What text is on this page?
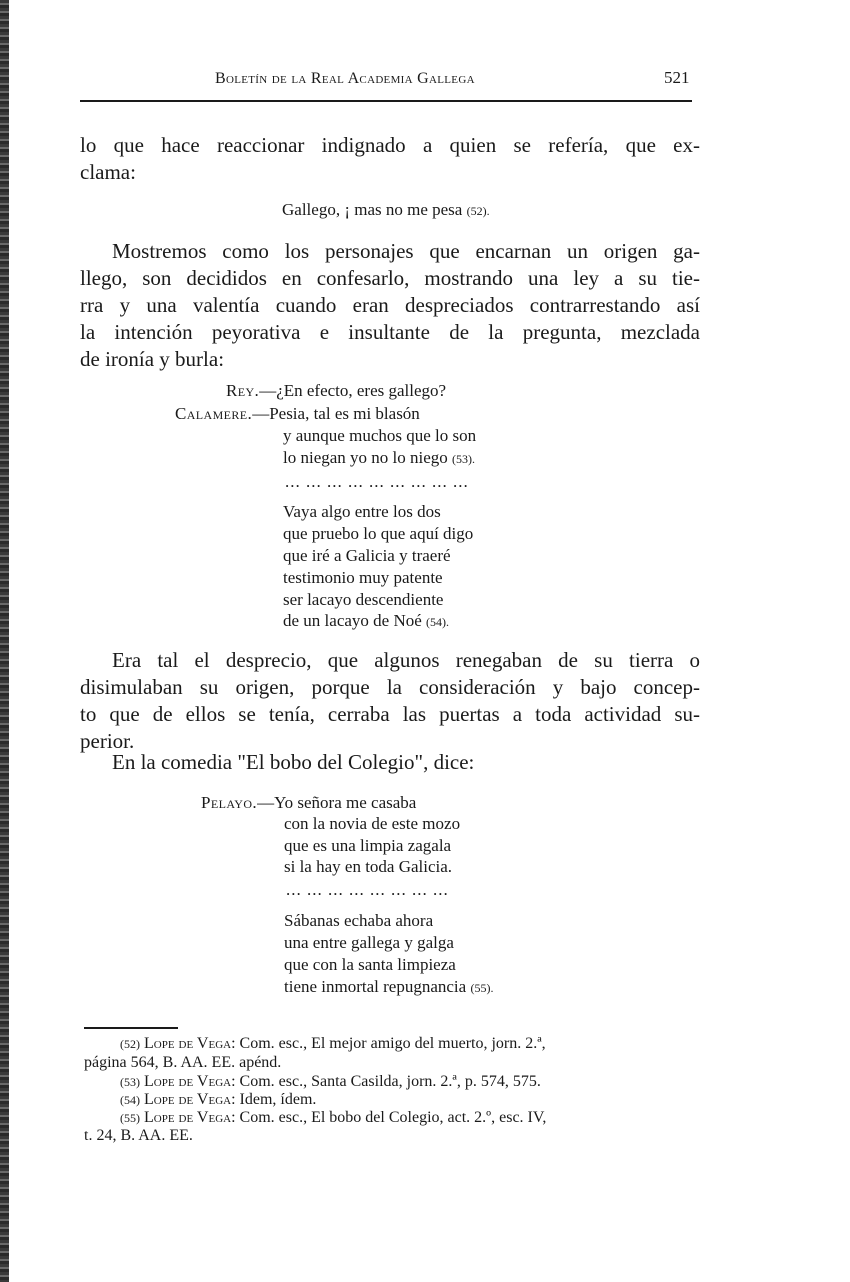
Boletín de la Real Academia Gallega	521
lo que hace reaccionar indignado a quien se refería, que ex-
clama:
Gallego, ¡ mas no me pesa (52).
Mostremos como los personajes que encarnan un origen ga-
llego, son decididos en confesarlo, mostrando una ley a su tie-
rra y una valentía cuando eran despreciados contrarrestando así
la intención peyorativa e insultante de la pregunta, mezclada
de ironía y burla:
Rey.—¿En efecto, eres gallego?
Calamere.—Pesia, tal es mi blasón
y aunque muchos que lo son
lo niegan yo no lo niego (53).
... ... ... ... ... ... ... ... ...
Vaya algo entre los dos
que pruebo lo que aquí digo
que iré a Galicia y traeré
testimonio muy patente
ser lacayo descendiente
de un lacayo de Noé (54).
Era tal el desprecio, que algunos renegaban de su tierra o
disimulaban su origen, porque la consideración y bajo concep-
to que de ellos se tenía, cerraba las puertas a toda actividad su-
perior.
En la comedia "El bobo del Colegio", dice:
Pelayo.—Yo señora me casaba
con la novia de este mozo
que es una limpia zagala
si la hay en toda Galicia.
... ... ... ... ... ... ... ...
Sábanas echaba ahora
una entre gallega y galga
que con la santa limpieza
tiene inmortal repugnancia (55).
(52) Lope de Vega: Com. esc., El mejor amigo del muerto, jorn. 2.ª,
página 564, B. AA. EE. apénd.
(53) Lope de Vega: Com. esc., Santa Casilda, jorn. 2.ª, p. 574, 575.
(54) Lope de Vega: Idem, ídem.
(55) Lope de Vega: Com. esc., El bobo del Colegio, act. 2.º, esc. IV,
t. 24, B. AA. EE.
